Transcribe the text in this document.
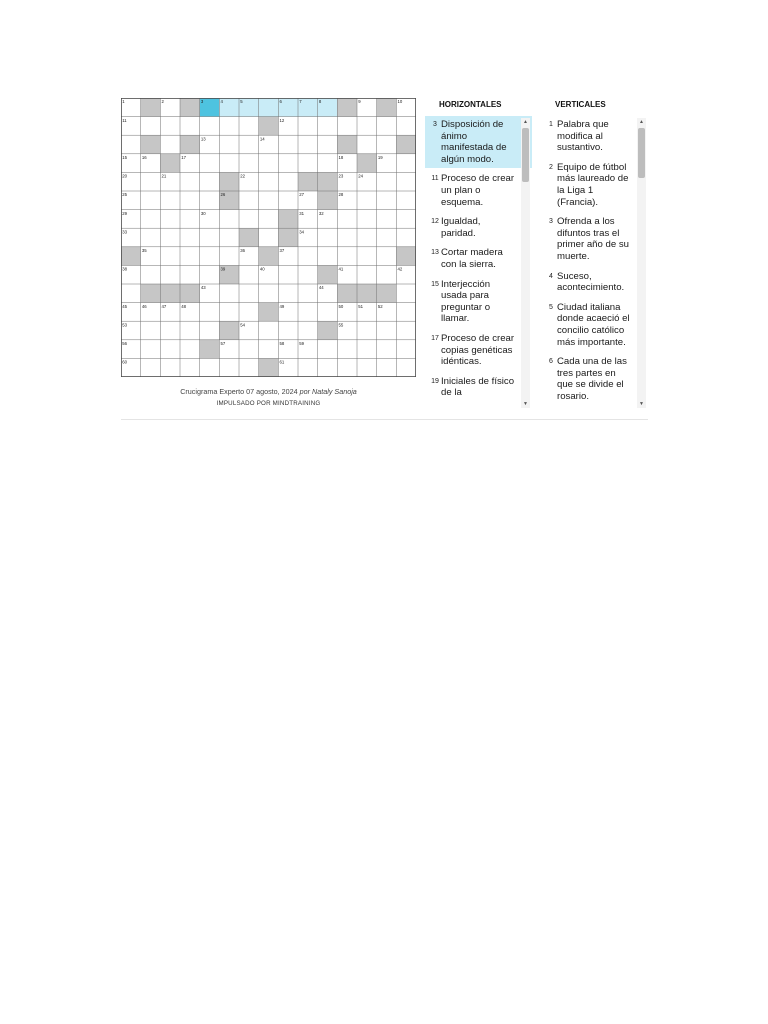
1	2	3	4	5	6	7	8	9	10
11	12
13	14
15	16	17	18	19
20	21	22	23	24
25	26	27	28
29	30	31	32
33	34
35	36	37
38	39	40	41	42
43	44
45	46	47	48	49	50	51	52
53	54	55
56	57	58	59
60	61
Crucigrama Experto 07 agosto, 2024 por Nataly Sanoja
IMPULSADO POR MINDTRAINING
HORIZONTALES	VERTICALES
3 Disposición de ánimo manifestada de algún modo.
11 Proceso de crear un plan o esquema.
12 Igualdad, paridad.
13 Cortar madera con la sierra.
15 Interjección usada para preguntar o llamar.
17 Proceso de crear copias genéticas idénticas.
19 Iniciales de físico de la
▲
▼
1 Palabra que modifica al sustantivo.
2 Equipo de fútbol más laureado de la Liga 1 (Francia).
3 Ofrenda a los difuntos tras el primer año de su muerte.
4 Suceso, acontecimiento.
5 Ciudad italiana donde acaeció el concilio católico más importante.
6 Cada una de las tres partes en que se divide el rosario.
▲
▼
